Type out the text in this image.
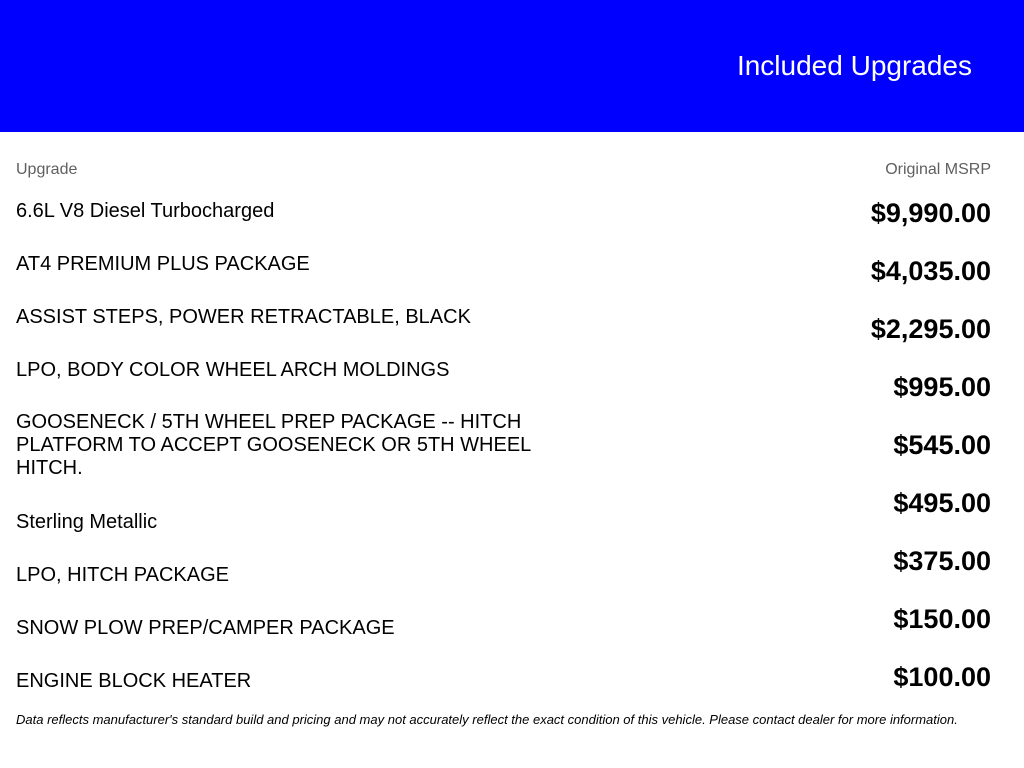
Included Upgrades
Upgrade	Original MSRP
6.6L V8 Diesel Turbocharged
AT4 PREMIUM PLUS PACKAGE
ASSIST STEPS, POWER RETRACTABLE, BLACK
LPO, BODY COLOR WHEEL ARCH MOLDINGS
GOOSENECK / 5TH WHEEL PREP PACKAGE -- HITCH PLATFORM TO ACCEPT GOOSENECK OR 5TH WHEEL HITCH.
Sterling Metallic
LPO, HITCH PACKAGE
SNOW PLOW PREP/CAMPER PACKAGE
ENGINE BLOCK HEATER
$9,990.00
$4,035.00
$2,295.00
$995.00
$545.00
$495.00
$375.00
$150.00
$100.00
Data reflects manufacturer's standard build and pricing and may not accurately reflect the exact condition of this vehicle. Please contact dealer for more information.
